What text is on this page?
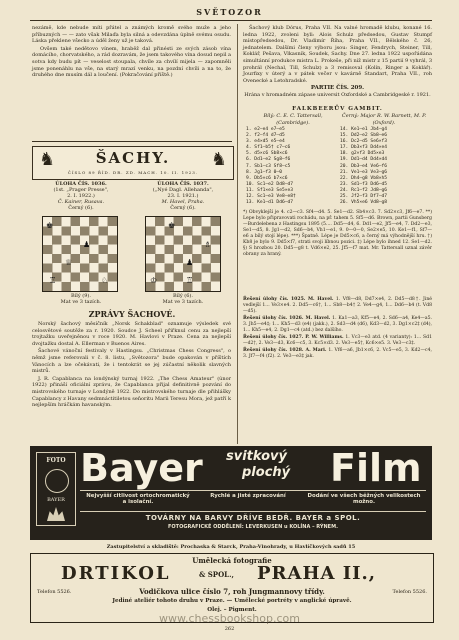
SVĚTOZOR

nezámě, kde nebude míti přátel a známých kromě svého muže a jeho příbuzných — — zato však Milaďa byla silná a odevzdána úplně svému osudu. Láska překlene všecko a úděl ženy už je taková.

Ovšem také nedětovo vínem, hraběž dal přinésti ze svých zásob vína domácího, chorvatského, a rád dozravám, že jsem takového vína dosud nepil a sotva kdy budu pít — veselost stoupala, chvíle za chvílí mijela — zapomněli jsme ponenáhlu na vše, na starý mrazí venku, na pozdní chvíli a na to, že druhého dne musím dál a loučení. (Pokračování příště.)

♞	♞
ŠACHY.
ČÍSLO 89 ŘÍD. DR. ZD. MACH. 10. II. 1923.
ÚLOHA ČÍS. 1036.
(1st. „Prager Presse",
2. I. 1922.)
Č. Kainer, Rusava.
Černý (6).
♚
♟
♕
♘
♖
Bílý (9).
Mat ve 3 tazích.
ÚLOHA ČÍS. 1037.
(„Nyé Dagl. Allehanda",
23. I. 1921.)
M. Havel, Praha.
Černý (6).
♚
♗
♟
♔	♖
Bílý (6).
Mat ve 3 tazích.
ZPRÁVY ŠACHOVÉ.

Norský šachový měsíčník „Norsk Schakblad" oznamuje výsledek své celosvětové soutěže za r. 1920. Soudce J. Scheel přiřknul cenu za nejlepší trojtažku uveřejněnou v roce 1920. M. Havlovi v Praze. Cena za nejlepší dvojtažku dostal A. Ellerman v Buenos Aires.

Šachové vánoční festivaly v Hastingsu. „Christmas Chess Congress", o němž jsme referovali v č. 8. listu, „Světozora" bude opakován v příštích Vánocích a lze očekávati, že i tentokrát se jej zúčastní několik slavných mistrů.

J. R. Capablanca na londýnský turnaj 1922. „The Chess Amateur" (únor 1922) přináší oficiální zprávu, že Capablanca přijal definitivně pozvání do mistrovského turnaje v Londýně 1922. Do mistrovského turnaje dle přihlášky Capablancy z Havany sedmnáctitiletou seňoritu Marii Teresu Mora, jež patří k nejlepším hráčkám havanským.

Šachový klub Dórus, Praha VII. Na valné hromadě klubu, konané 16. ledna 1922, zvoleni byli: Alois Schulz předsedou, Gustav Stumpf místopředsedou, Dr. Vladimír Říha, Praha VII., Bělského č. 26, jednatelem. Dalšími členy výboru jsou: Singer, Fendrych, Steiner, Till, Koklář, Pešava, Vlkasník, Soudek, Sachy. Dne 27. ledna 1922 uspořádána simultánní produkce mistra L. Prokeše, při níž mistr z 15 partií 9 vyhrál, 3 prohrál (Nechal, Till, Schulz) a 3 remisoval (Kolín, Ringer a Koklář). Jourfixy v úterý a v pátek večer v kavárně Standart, Praha VII., roh Ovenecké a Letohradské.

PARTIE ČÍS. 209.
Hrána v hromadném zápase universit Oxfordské a Cambridgeské r. 1921.
FALKBEERŮV GAMBIT.
Bílý: C. E. C. Tattersall, (Cambridge).
Černý: Major R. W. Barnett, M. P. (Oxford).
1. e2—e4 e7—e5
2. f2—f4 d7—d5
3. e4×d5 e5—e4
4. Sf1—b5† c7—c6
5. d5×c6 Sb8×c6
6. Dd1—e2 Sg8—f6
7. Sb1—c3 Sf8—c5
8. Jg1—f3 0—0
9. Db5×c6 b7×c6
10. Sc1—e2 Dd8—d7
11. Sf1×e3 Se5×e3
12. Sc1—e3 Ve8—e8†
13. Ke1—d1 Dd6—d7
14. Ke1—e1 Jb4—g4
15. Dd2—e2 Sb8—e6
16. Dc2—d5 Se6×f3
17. Db3×f3 Dd4×e4
18. g2×f3 Dd5×e3
19. Dd1—d4 Dd4×d4
20. Db3—e4 Ve6—f6
21. Ve1—e3 Ve3—g6
22. Dh4—g8 Vb8×h5
23. Sd1—f3 Dd6—d5
24. Rc1—f2 Jd8—g6
25. Jf2—f3 Df7—d7
26. Vh5×e6 Vd8—g8
*) Obvyklejší je 4. c2—c3. Sf4—d4. 5. Se1—d2. Sb4×c3. 7. Sd2×c3, Jf6—e7. **) Lepe bylo připravovati rochádu, na př. tahem 5. Sf5—d6. Brown, partii Gunsberg—Burdelebena z Hastingsu 1895 (5.... Dd5—d4, 6. Dd1—e2, Jf5—e4, 7. Dd2—e3, Se1—d5, 8. Jg1—d2, Sd6—b4, Vh1—e1, 9. 0—0—0, Se2×e5, 10. Ke1—f1, Sf7—e6 a bílý stojí lépe). ***) Špatně. Lépe je Dd5×c6, a černý má výhodnější hru. †) Kb8 je bylo 9. Dd5×f7, strati svoji líbnou pozici. ‡) Lépe bylo ihned 12. Se1—d2. §) S hrozbou 20. Dd5—g8 t. Vd6×e2, 25. Jf5—f7 mat. Mr. Tattersall uznal závěr obrany za hraný.

Řešení úlohy čís. 1025. M. Havel. 1. Vf8—d8, Dd7×e4, 2. Dd5—d8†. Jiné vedlejší 1... Ve3×e4. 2. Dd5—c6†, 1... Sb8—b4† 2. Ve4—g4, 1... Dd6—b4 (t. Vd8—d5).

Řešení úlohy čís. 1026. M. Havel. 1. Ka1—a3, Kf5—e4, 2. Sd6—a4, Ke4—a5. 3. Jh5—e4‡; 1... Kh5—d3 (e4) (jakk.), 2. Sd3—d4 (d6), Kd3—d2, 3. Dg1×c2‡ (d4), 1... Kh5—e4, 2. Dg1—c4 (atd.) bez dalšího.

Řešení úlohy čís. 1027. P. W. Williams. 1. Vc3—e3 atd. (4 varianty): 1... Sd1—d2†, 2. Ve3—d3, Kc6—c5, 3. Kc5×d3. 2. Ve3—e5†, Kc6×e5. 3. Ve3—c3‡.

Řešení úlohy čís. 1028. A. Mari. 1. Vf6—a6, Jb1×c6, 2. Vc5—e5, 3. Kd2—c4, 3. Jf7—f4 (f2). 2. Ve3—e3‡ jak.

FOTO
BAYER
Bayer svitkový
plochý Film
Nejvyšší citlivost ortochromatický a isolační.
Rychlé a jisté zpracování	Dodání ve všech běžných velikostech možno.
TOVÁRNY NA BARVY DŘÍVE BEDŘ. BAYER a SPOL.
FOTOGRAFICKÉ ODDĚLENÍ: LEVERKUSEN u KOLÍNA – RÝNEM.
Zastupitelství a skladiště: Prochaska & Starck, Praha-Vinohrady, u Havlíčkových sadů 15
Umělecká fotografie
DRTIKOL	& SPOL., PRAHA II.,
Telefon 5526.	Telefon 5526.
Vodičkova ulice číslo 7, roh Jungmannovy třídy.
Jediné ateliér tohoto druhu v Praze. — Umělecké portréty v anglické úpravě.
Olej. – Pigment.
www.chessbookshop.com
262
